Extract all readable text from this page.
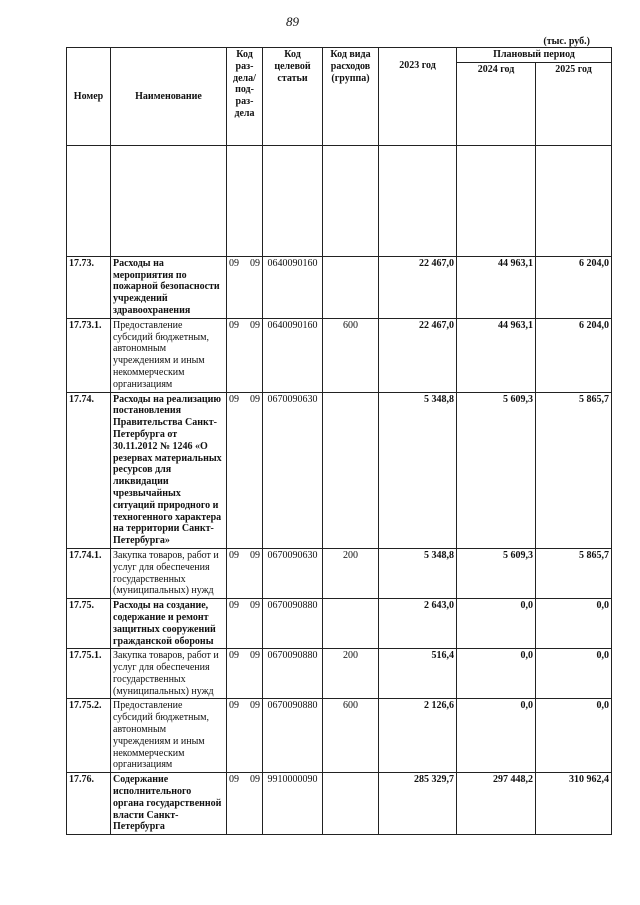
89
(тыс. руб.)
Номер	Наименование	Код раз-дела/ под-раз-дела	Код целевой статьи	Код вида расходов (группа)	2023 год	Плановый период	
						2024 год	2025 год

17.73.	Расходы на мероприятия по пожарной безопасности учреждений здравоохранения	09 09	0640090160		22 467,0	44 963,1	6 204,0
17.73.1.	Предоставление субсидий бюджетным, автономным учреждениям и иным некоммерческим организациям	09 09	0640090160	600	22 467,0	44 963,1	6 204,0
17.74.	Расходы на реализацию постановления Правительства Санкт-Петербурга от 30.11.2012 № 1246 «О резервах материальных ресурсов для ликвидации чрезвычайных ситуаций природного и техногенного характера на территории Санкт-Петербурга»	09 09	0670090630		5 348,8	5 609,3	5 865,7
17.74.1.	Закупка товаров, работ и услуг для обеспечения государственных (муниципальных) нужд	09 09	0670090630	200	5 348,8	5 609,3	5 865,7
17.75.	Расходы на создание, содержание и ремонт защитных сооружений гражданской обороны	09 09	0670090880		2 643,0	0,0	0,0
17.75.1.	Закупка товаров, работ и услуг для обеспечения государственных (муниципальных) нужд	09 09	0670090880	200	516,4	0,0	0,0
17.75.2.	Предоставление субсидий бюджетным, автономным учреждениям и иным некоммерческим организациям	09 09	0670090880	600	2 126,6	0,0	0,0
17.76.	Содержание исполнительного органа государственной власти Санкт-Петербурга	09 09	9910000090		285 329,7	297 448,2	310 962,4
